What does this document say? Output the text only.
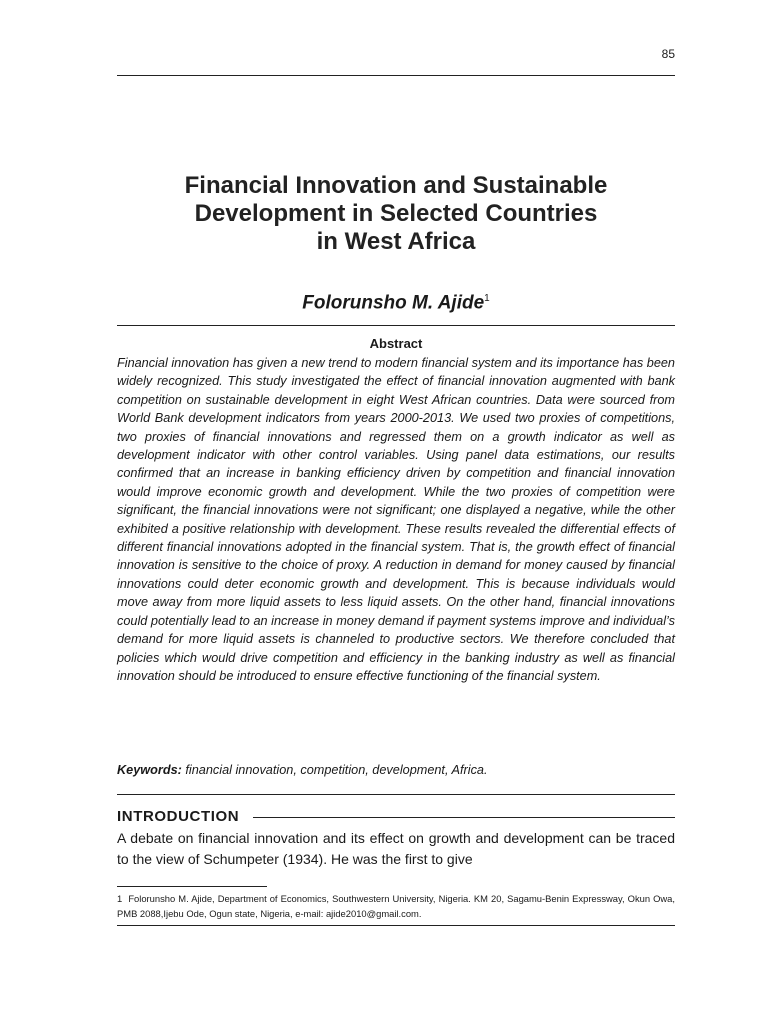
85
Financial Innovation and Sustainable
Development in Selected Countries
in West Africa

Folorunsho M. Ajide$^1$

Abstract

Financial innovation has given a new trend to modern financial system and its importance has been widely recognized. This study investigated the effect of financial innovation augmented with bank competition on sustainable development in eight West African countries. Data were sourced from World Bank development indicators from years 2000-2013. We used two proxies of competitions, two proxies of financial innovations and regressed them on a growth indicator as well as development indicator with other control variables. Using panel data estimations, our results confirmed that an increase in banking efficiency driven by competition and financial innovation would improve economic growth and development. While the two proxies of competition were significant, the financial innovations were not significant; one displayed a negative, while the other exhibited a positive relationship with development. These results revealed the differential effects of different financial innovations adopted in the financial system. That is, the growth effect of financial innovation is sensitive to the choice of proxy. A reduction in demand for money caused by financial innovations could deter economic growth and development. This is because individuals would move away from more liquid assets to less liquid assets. On the other hand, financial innovations could potentially lead to an increase in money demand if payment systems improve and individual’s demand for more liquid assets is channeled to productive sectors. We therefore concluded that policies which would drive competition and efficiency in the banking industry as well as financial innovation should be introduced to ensure effective functioning of the financial system.

Keywords: financial innovation, competition, development, Africa.

INTRODUCTION

A debate on financial innovation and its effect on growth and development can be traced to the view of Schumpeter (1934). He was the first to give

1 Folorunsho M. Ajide, Department of Economics, Southwestern University, Nigeria. KM 20, Sagamu-Benin Expressway, Okun Owa, PMB 2088,Ijebu Ode, Ogun state, Nigeria, e-mail: ajide2010@gmail.com.
